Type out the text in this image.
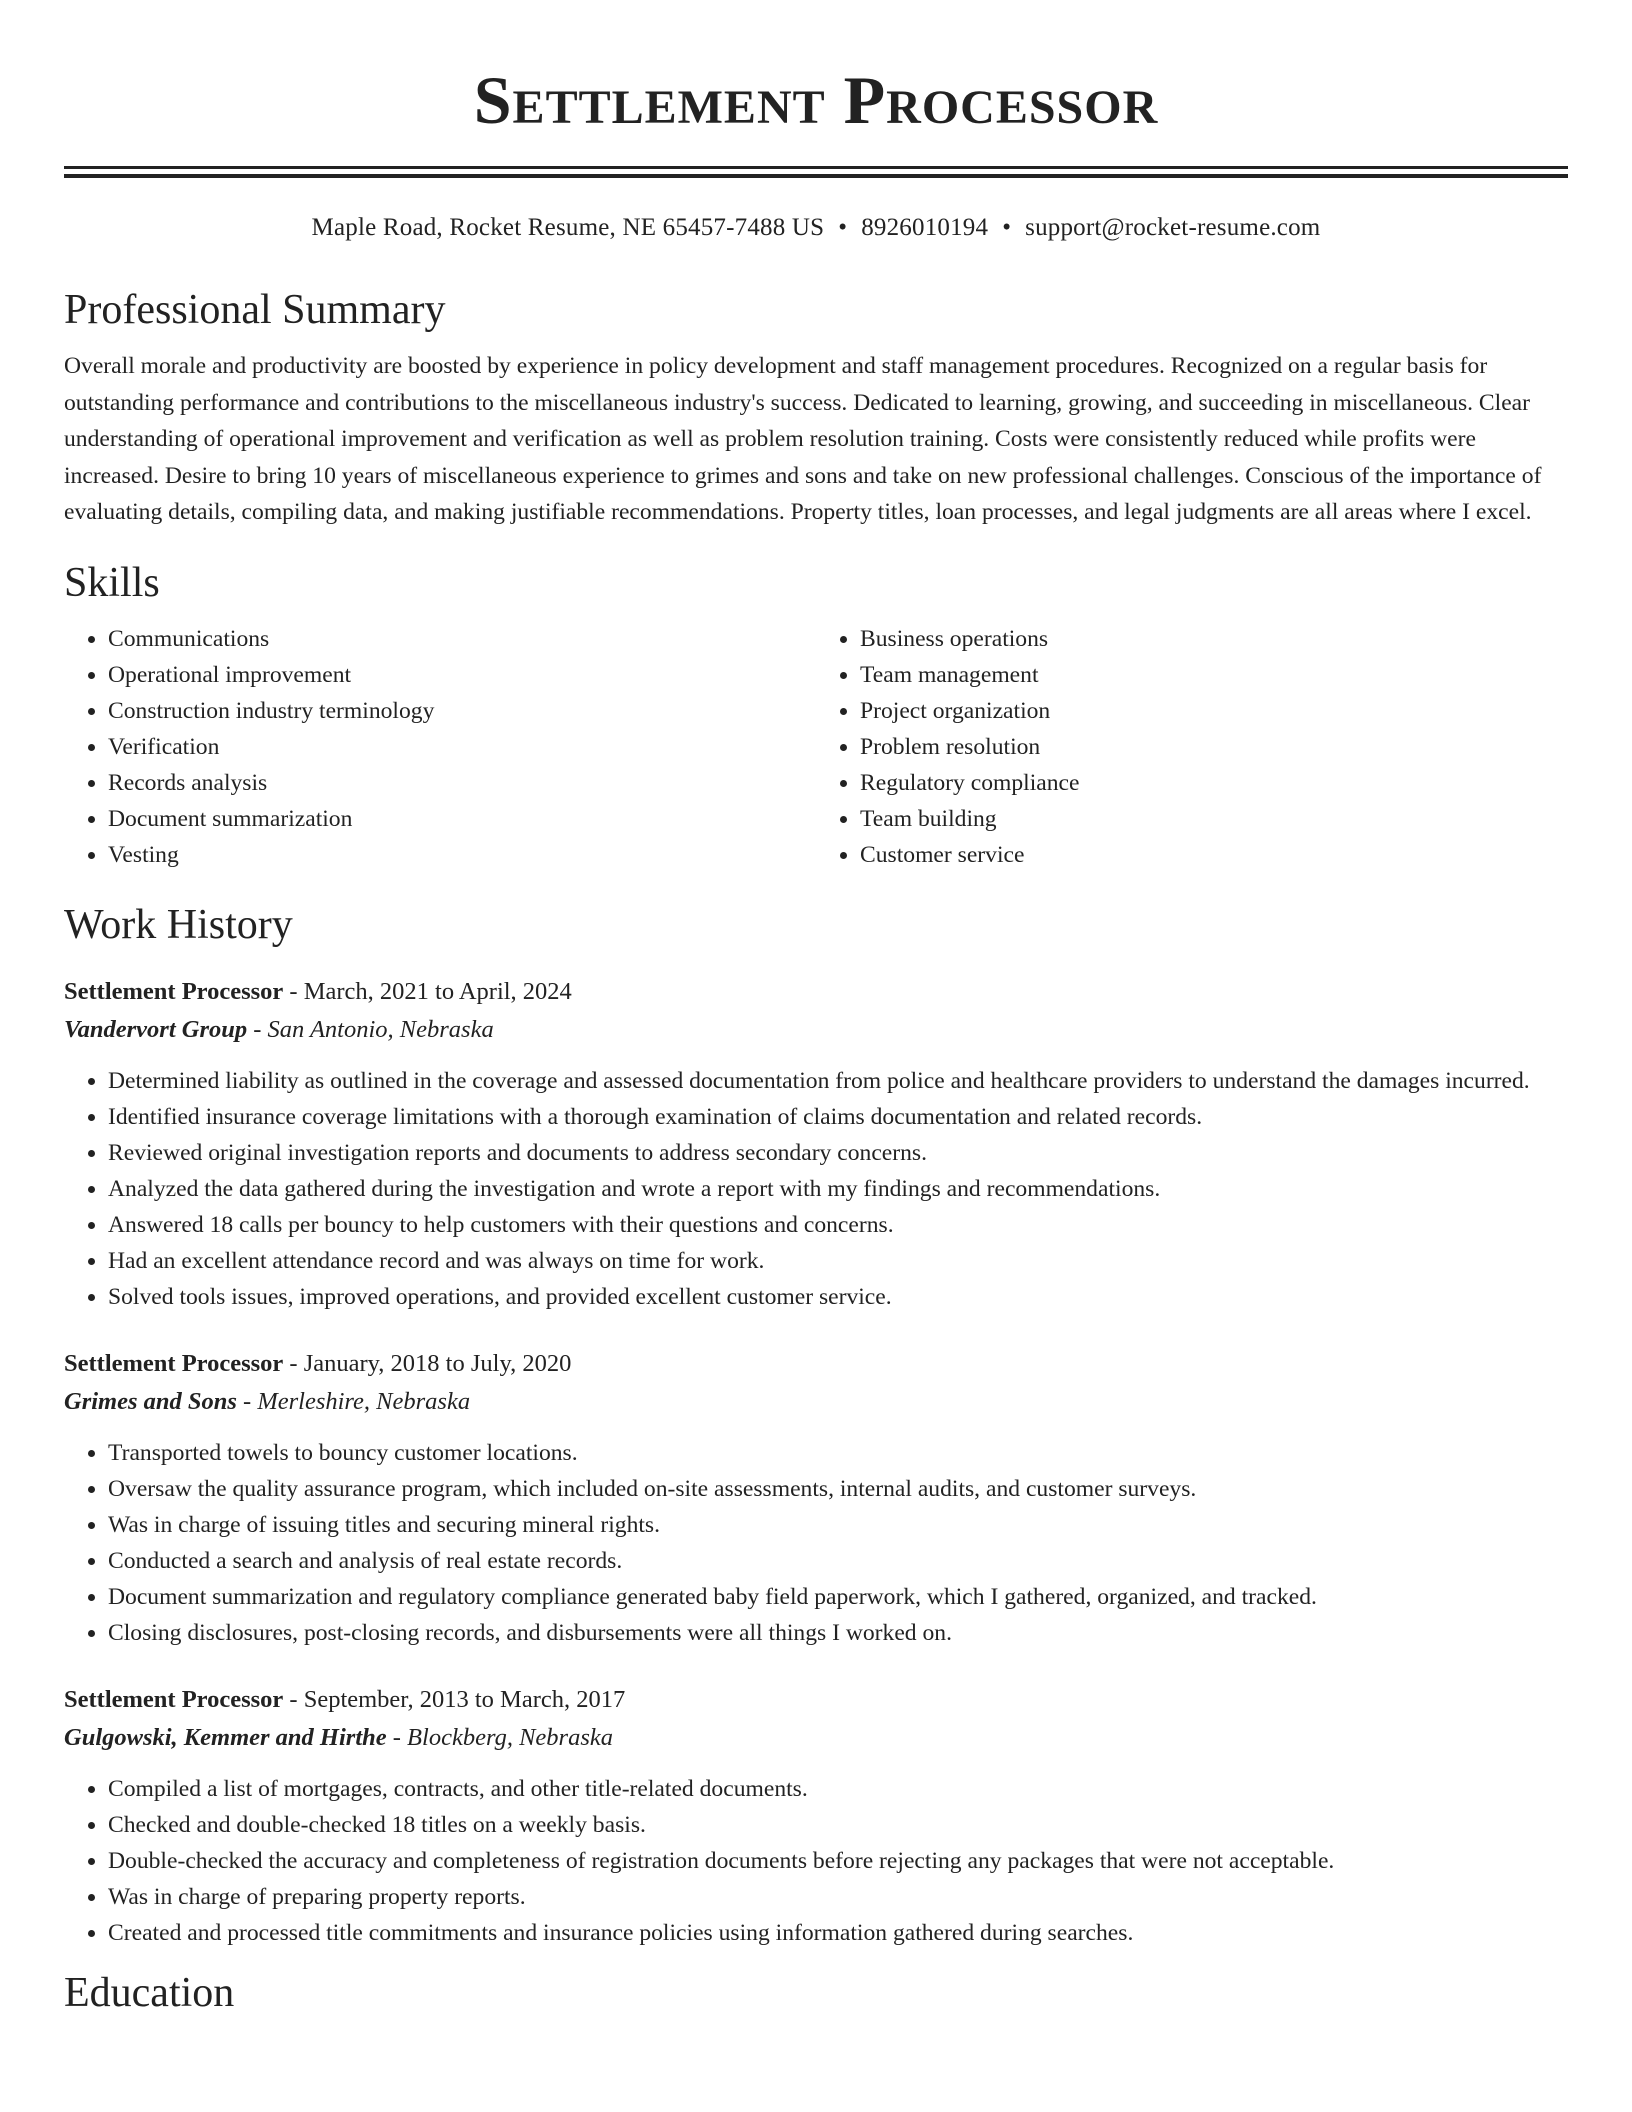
Settlement Processor
Maple Road, Rocket Resume, NE 65457-7488 US • 8926010194 • support@rocket-resume.com
Professional Summary
Overall morale and productivity are boosted by experience in policy development and staff management procedures. Recognized on a regular basis for outstanding performance and contributions to the miscellaneous industry's success. Dedicated to learning, growing, and succeeding in miscellaneous. Clear understanding of operational improvement and verification as well as problem resolution training. Costs were consistently reduced while profits were increased. Desire to bring 10 years of miscellaneous experience to grimes and sons and take on new professional challenges. Conscious of the importance of evaluating details, compiling data, and making justifiable recommendations. Property titles, loan processes, and legal judgments are all areas where I excel.
Skills
• Communications
• Operational improvement
• Construction industry terminology
• Verification
• Records analysis
• Document summarization
• Vesting
• Business operations
• Team management
• Project organization
• Problem resolution
• Regulatory compliance
• Team building
• Customer service
Work History
Settlement Processor - March, 2021 to April, 2024
Vandervort Group - San Antonio, Nebraska
• Determined liability as outlined in the coverage and assessed documentation from police and healthcare providers to understand the damages incurred.
• Identified insurance coverage limitations with a thorough examination of claims documentation and related records.
• Reviewed original investigation reports and documents to address secondary concerns.
• Analyzed the data gathered during the investigation and wrote a report with my findings and recommendations.
• Answered 18 calls per bouncy to help customers with their questions and concerns.
• Had an excellent attendance record and was always on time for work.
• Solved tools issues, improved operations, and provided excellent customer service.
Settlement Processor - January, 2018 to July, 2020
Grimes and Sons - Merleshire, Nebraska
• Transported towels to bouncy customer locations.
• Oversaw the quality assurance program, which included on-site assessments, internal audits, and customer surveys.
• Was in charge of issuing titles and securing mineral rights.
• Conducted a search and analysis of real estate records.
• Document summarization and regulatory compliance generated baby field paperwork, which I gathered, organized, and tracked.
• Closing disclosures, post-closing records, and disbursements were all things I worked on.
Settlement Processor - September, 2013 to March, 2017
Gulgowski, Kemmer and Hirthe - Blockberg, Nebraska
• Compiled a list of mortgages, contracts, and other title-related documents.
• Checked and double-checked 18 titles on a weekly basis.
• Double-checked the accuracy and completeness of registration documents before rejecting any packages that were not acceptable.
• Was in charge of preparing property reports.
• Created and processed title commitments and insurance policies using information gathered during searches.
Education
